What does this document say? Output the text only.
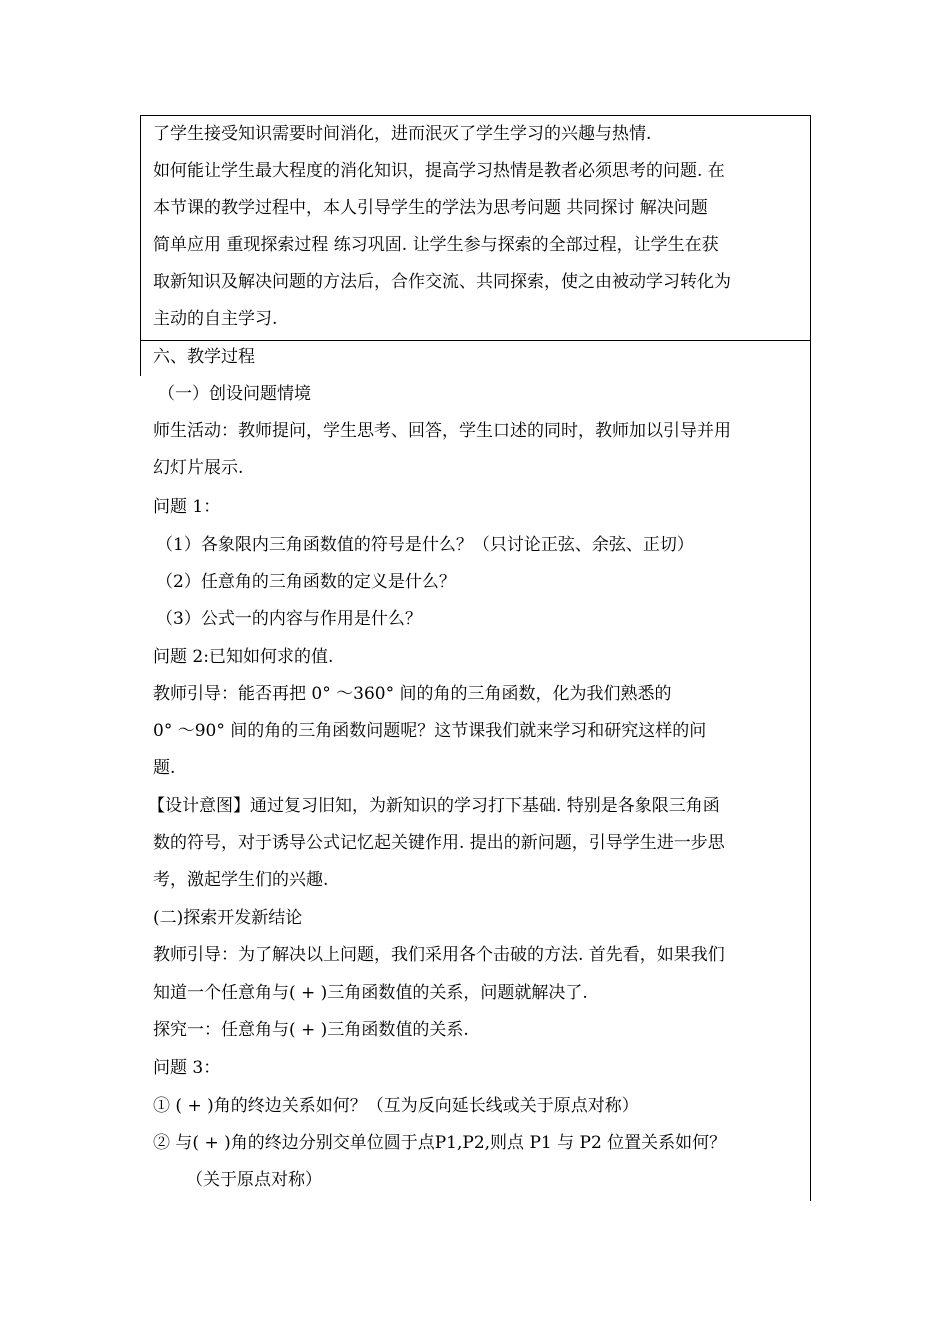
了学生接受知识需要时间消化，进而泯灭了学生学习的兴趣与热情.
如何能让学生最大程度的消化知识，提高学习热情是教者必须思考的问题. 在
本节课的教学过程中，本人引导学生的学法为思考问题 共同探讨 解决问题
简单应用 重现探索过程 练习巩固. 让学生参与探索的全部过程，让学生在获
取新知识及解决问题的方法后，合作交流、共同探索，使之由被动学习转化为
主动的自主学习.
六、教学过程
（一）创设问题情境
师生活动：教师提问，学生思考、回答，学生口述的同时，教师加以引导并用
幻灯片展示.
问题 1：
（1）各象限内三角函数值的符号是什么？（只讨论正弦、余弦、正切）
（2）任意角的三角函数的定义是什么？
（3）公式一的内容与作用是什么？
问题 2:已知如何求的值.
教师引导：能否再把 0° ～360° 间的角的三角函数，化为我们熟悉的
0° ～90° 间的角的三角函数问题呢？这节课我们就来学习和研究这样的问
题.
【设计意图】通过复习旧知，为新知识的学习打下基础. 特别是各象限三角函
数的符号，对于诱导公式记忆起关键作用. 提出的新问题，引导学生进一步思
考，激起学生们的兴趣.
(二)探索开发新结论
教师引导：为了解决以上问题，我们采用各个击破的方法. 首先看，如果我们
知道一个任意角与( + )三角函数值的关系，问题就解决了.
探究一：任意角与( + )三角函数值的关系.
问题 3：
① ( + )角的终边关系如何？（互为反向延长线或关于原点对称）
② 与( + )角的终边分别交单位圆于点P1,P2,则点 P1 与 P2 位置关系如何？
（关于原点对称）
